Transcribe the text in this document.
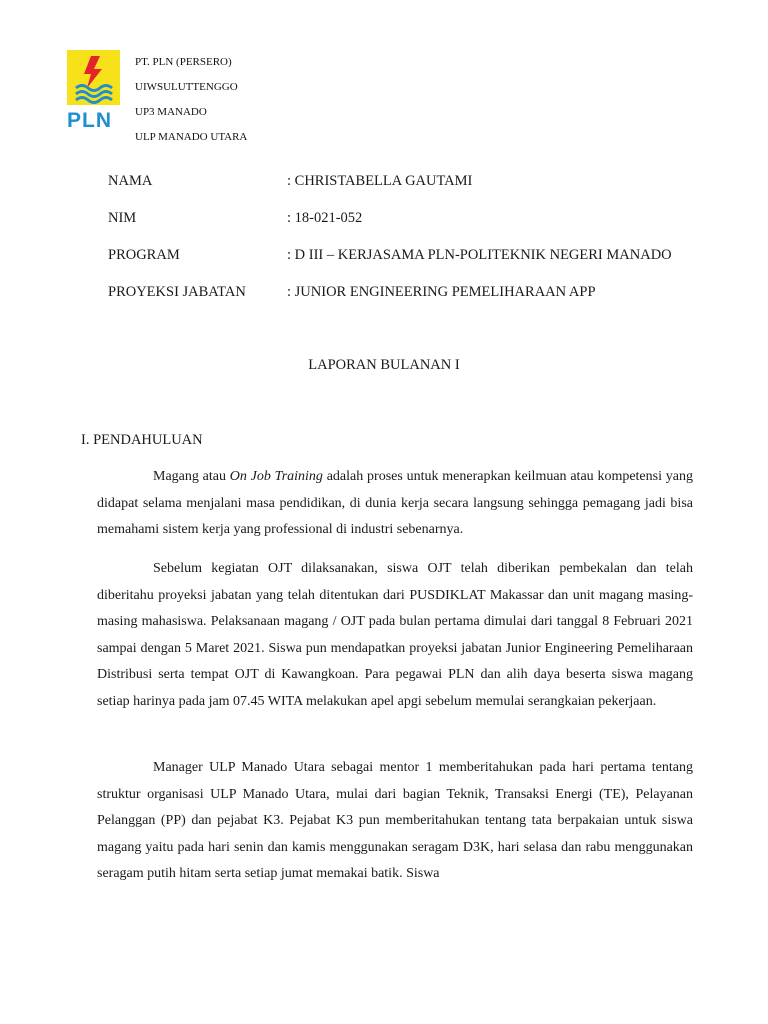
PLN
PT. PLN (PERSERO)
UIWSULUTTENGGO
UP3 MANADO
ULP MANADO UTARA
NAMA	: CHRISTABELLA GAUTAMI
NIM	: 18-021-052
PROGRAM	: D III – KERJASAMA PLN-POLITEKNIK NEGERI MANADO
PROYEKSI JABATAN	: JUNIOR ENGINEERING PEMELIHARAAN APP
LAPORAN BULANAN I
I. PENDAHULUAN

Magang atau On Job Training adalah proses untuk menerapkan keilmuan atau kompetensi yang didapat selama menjalani masa pendidikan, di dunia kerja secara langsung sehingga pemagang jadi bisa memahami sistem kerja yang professional di industri sebenarnya.

Sebelum kegiatan OJT dilaksanakan, siswa OJT telah diberikan pembekalan dan telah diberitahu proyeksi jabatan yang telah ditentukan dari PUSDIKLAT Makassar dan unit magang masing-masing mahasiswa. Pelaksanaan magang / OJT pada bulan pertama dimulai dari tanggal 8 Februari 2021 sampai dengan 5 Maret 2021. Siswa pun mendapatkan proyeksi jabatan Junior Engineering Pemeliharaan Distribusi serta tempat OJT di Kawangkoan. Para pegawai PLN dan alih daya beserta siswa magang setiap harinya pada jam 07.45 WITA melakukan apel apgi sebelum memulai serangkaian pekerjaan.

Manager ULP Manado Utara sebagai mentor 1 memberitahukan pada hari pertama tentang struktur organisasi ULP Manado Utara, mulai dari bagian Teknik, Transaksi Energi (TE), Pelayanan Pelanggan (PP) dan pejabat K3. Pejabat K3 pun memberitahukan tentang tata berpakaian untuk siswa magang yaitu pada hari senin dan kamis menggunakan seragam D3K, hari selasa dan rabu menggunakan seragam putih hitam serta setiap jumat memakai batik. Siswa
